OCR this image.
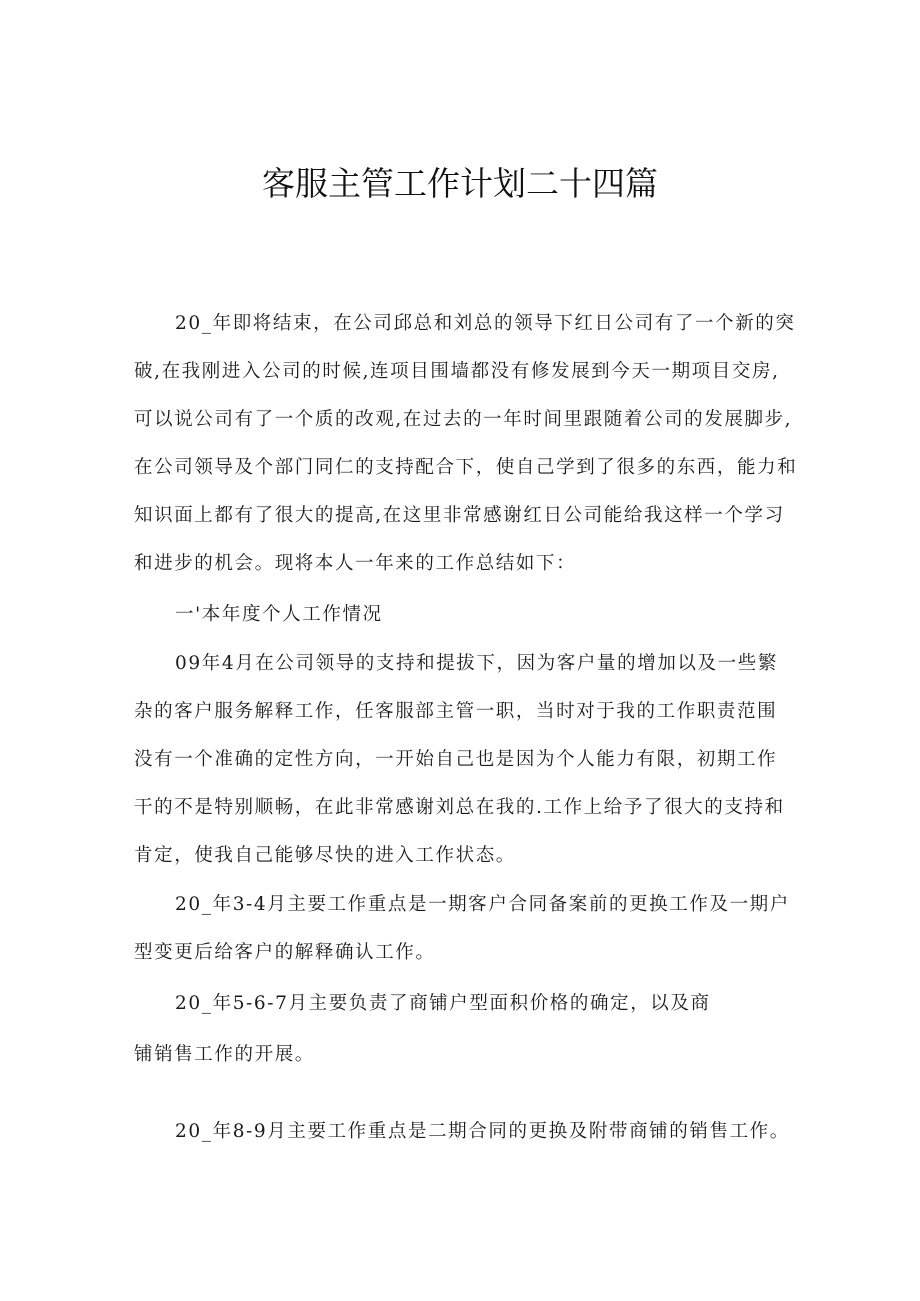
客服主管工作计划二十四篇

20_年即将结束，在公司邱总和刘总的领导下红日公司有了一个新的突

破,在我刚进入公司的时候,连项目围墙都没有修发展到今天一期项目交房,

可以说公司有了一个质的改观,在过去的一年时间里跟随着公司的发展脚步,

在公司领导及个部门同仁的支持配合下，使自己学到了很多的东西，能力和

知识面上都有了很大的提高,在这里非常感谢红日公司能给我这样一个学习

和进步的机会。现将本人一年来的工作总结如下：

一'本年度个人工作情况

09年4月在公司领导的支持和提拔下，因为客户量的增加以及一些繁

杂的客户服务解释工作，任客服部主管一职，当时对于我的工作职责范围

没有一个准确的定性方向，一开始自己也是因为个人能力有限，初期工作

干的不是特别顺畅，在此非常感谢刘总在我的.工作上给予了很大的支持和

肯定，使我自己能够尽快的进入工作状态。

20_年3-4月主要工作重点是一期客户合同备案前的更换工作及一期户

型变更后给客户的解释确认工作。

20_年5-6-7月主要负责了商铺户型面积价格的确定，以及商

铺销售工作的开展。

20_年8-9月主要工作重点是二期合同的更换及附带商铺的销售工作。
